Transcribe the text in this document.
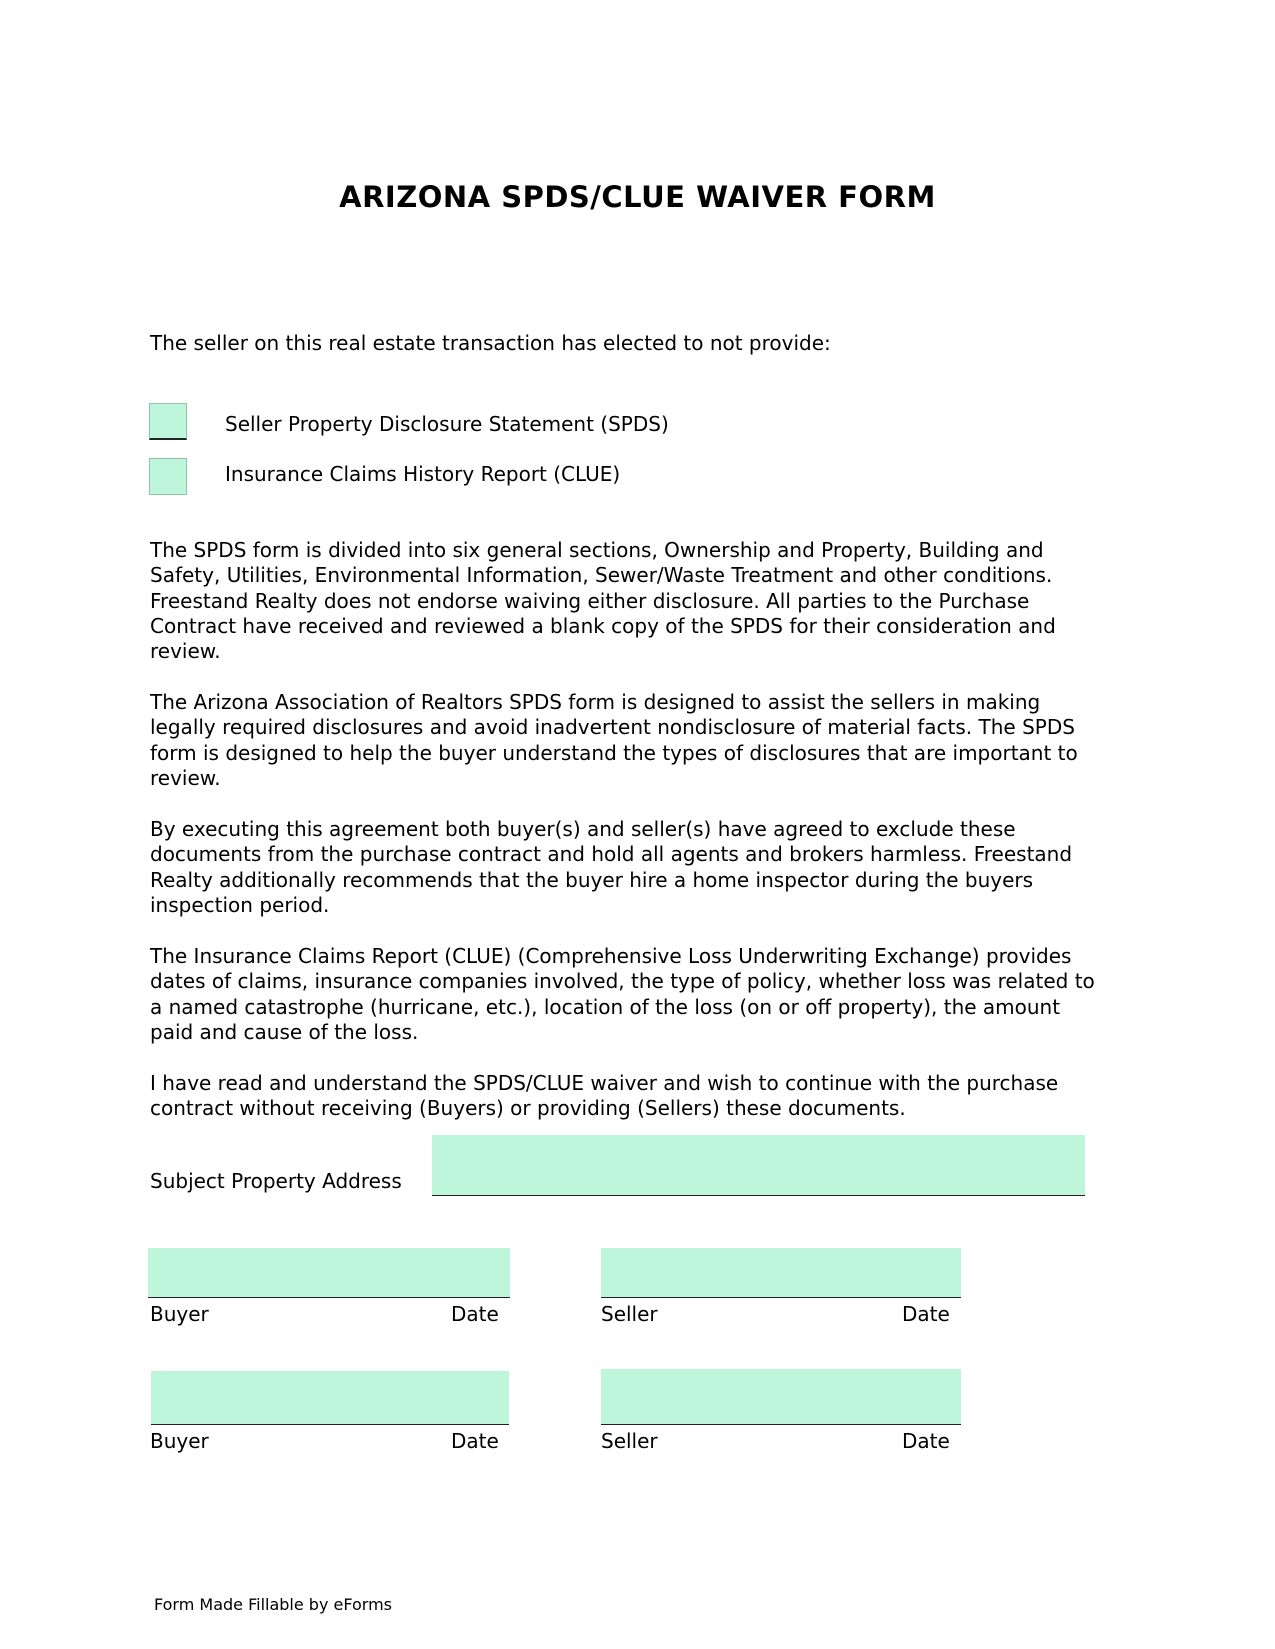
ARIZONA SPDS/CLUE WAIVER FORM
The seller on this real estate transaction has elected to not provide:
Seller Property Disclosure Statement (SPDS)
Insurance Claims History Report (CLUE)

The SPDS form is divided into six general sections, Ownership and Property, Building and Safety, Utilities, Environmental Information, Sewer/Waste Treatment and other conditions. Freestand Realty does not endorse waiving either disclosure. All parties to the Purchase Contract have received and reviewed a blank copy of the SPDS for their consideration and review.

The Arizona Association of Realtors SPDS form is designed to assist the sellers in making legally required disclosures and avoid inadvertent nondisclosure of material facts. The SPDS form is designed to help the buyer understand the types of disclosures that are important to review.

By executing this agreement both buyer(s) and seller(s) have agreed to exclude these documents from the purchase contract and hold all agents and brokers harmless. Freestand Realty additionally recommends that the buyer hire a home inspector during the buyers inspection period.

The Insurance Claims Report (CLUE) (Comprehensive Loss Underwriting Exchange) provides dates of claims, insurance companies involved, the type of policy, whether loss was related to a named catastrophe (hurricane, etc.), location of the loss (on or off property), the amount paid and cause of the loss.

I have read and understand the SPDS/CLUE waiver and wish to continue with the purchase contract without receiving (Buyers) or providing (Sellers) these documents.

Subject Property Address
Buyer	Date	Seller	Date
Buyer	Date	Seller	Date
Form Made Fillable by eForms
